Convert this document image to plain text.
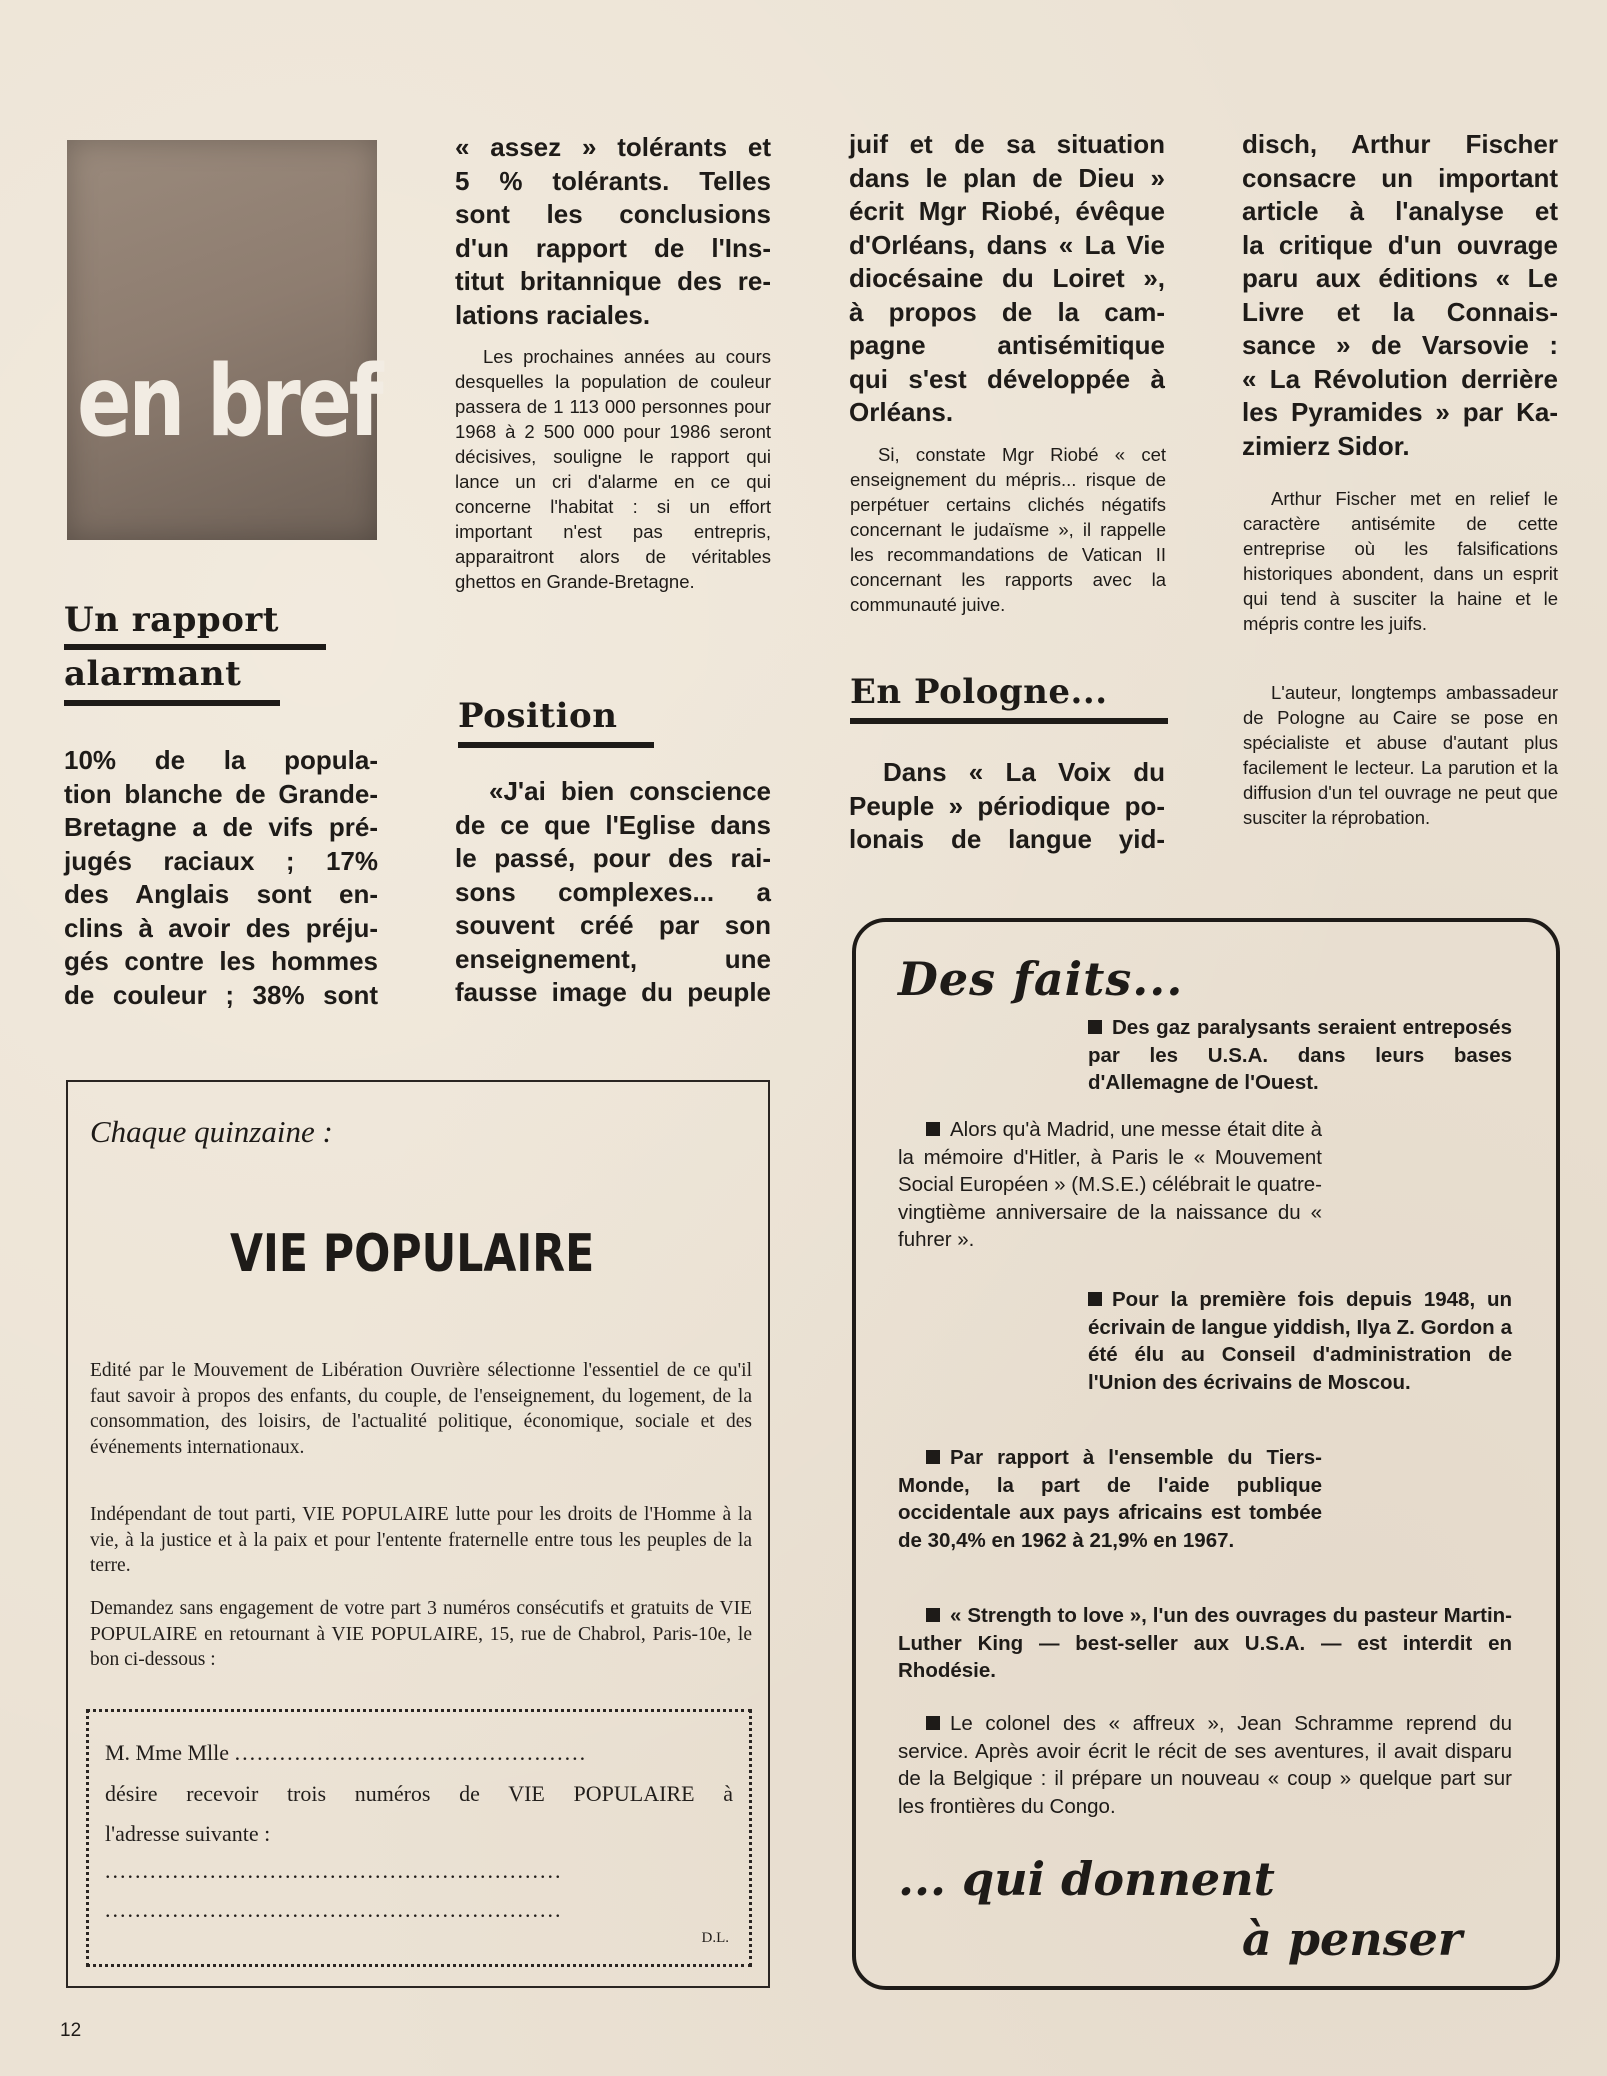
en bref
Un rapport
alarmant
10% de la popula-
tion blanche de Grande-
Bretagne a de vifs pré-
jugés raciaux ; 17%
des Anglais sont en-
clins à avoir des préju-
gés contre les hommes
de couleur ; 38% sont
« assez » tolérants et
5 % tolérants. Telles
sont les conclusions
d'un rapport de l'Ins-
titut britannique des re-
lations raciales.

Les prochaines années au cours desquelles la population de couleur passera de 1 113 000 personnes pour 1968 à 2 500 000 pour 1986 seront décisives, souligne le rapport qui lance un cri d'alarme en ce qui concerne l'habitat : si un effort important n'est pas entrepris, apparaitront alors de véritables ghettos en Grande-Bretagne.

Position
«J'ai bien conscience
de ce que l'Eglise dans
le passé, pour des rai-
sons complexes... a
souvent créé par son
enseignement, une
fausse image du peuple
juif et de sa situation
dans le plan de Dieu »
écrit Mgr Riobé, évêque
d'Orléans, dans « La Vie
diocésaine du Loiret »,
à propos de la cam-
pagne antisémitique
qui s'est développée à
Orléans.

Si, constate Mgr Riobé « cet enseignement du mépris... risque de perpétuer certains clichés négatifs concernant le judaïsme », il rappelle les recommandations de Vatican II concernant les rapports avec la communauté juive.

En Pologne...
Dans « La Voix du
Peuple » périodique po-
lonais de langue yid-
disch, Arthur Fischer
consacre un important
article à l'analyse et
la critique d'un ouvrage
paru aux éditions « Le
Livre et la Connais-
sance » de Varsovie :
« La Révolution derrière
les Pyramides » par Ka-
zimierz Sidor.

Arthur Fischer met en relief le caractère antisémite de cette entreprise où les falsifications historiques abondent, dans un esprit qui tend à susciter la haine et le mépris contre les juifs.

L'auteur, longtemps ambassadeur de Pologne au Caire se pose en spécialiste et abuse d'autant plus facilement le lecteur. La parution et la diffusion d'un tel ouvrage ne peut que susciter la réprobation.

Chaque quinzaine :
VIE POPULAIRE

Edité par le Mouvement de Libération Ouvrière sélectionne l'essentiel de ce qu'il faut savoir à propos des enfants, du couple, de l'enseignement, du logement, de la consommation, des loisirs, de l'actualité politique, économique, sociale et des événements internationaux.

Indépendant de tout parti, VIE POPULAIRE lutte pour les droits de l'Homme à la vie, à la justice et à la paix et pour l'entente fraternelle entre tous les peuples de la terre.

Demandez sans engagement de votre part 3 numéros consécutifs et gratuits de VIE POPULAIRE en retournant à VIE POPULAIRE, 15, rue de Chabrol, Paris-10e, le bon ci-dessous :

M. Mme Mlle ...............................................
désire recevoir trois numéros de VIE POPULAIRE à
l'adresse suivante :
.............................................................
.............................................................
D.L.
Des faits...

Des gaz paralysants seraient entreposés par les U.S.A. dans leurs bases d'Allemagne de l'Ouest.

Alors qu'à Madrid, une messe était dite à la mémoire d'Hitler, à Paris le « Mouvement Social Européen » (M.S.E.) célébrait le quatre-vingtième anniversaire de la naissance du « fuhrer ».

Pour la première fois depuis 1948, un écrivain de langue yiddish, Ilya Z. Gordon a été élu au Conseil d'administration de l'Union des écrivains de Moscou.

Par rapport à l'ensemble du Tiers-Monde, la part de l'aide publique occidentale aux pays africains est tombée de 30,4% en 1962 à 21,9% en 1967.

« Strength to love », l'un des ouvrages du pasteur Martin-Luther King — best-seller aux U.S.A. — est interdit en Rhodésie.

Le colonel des « affreux », Jean Schramme reprend du service. Après avoir écrit le récit de ses aventures, il avait disparu de la Belgique : il prépare un nouveau « coup » quelque part sur les frontières du Congo.

... qui donnent
à penser
12
